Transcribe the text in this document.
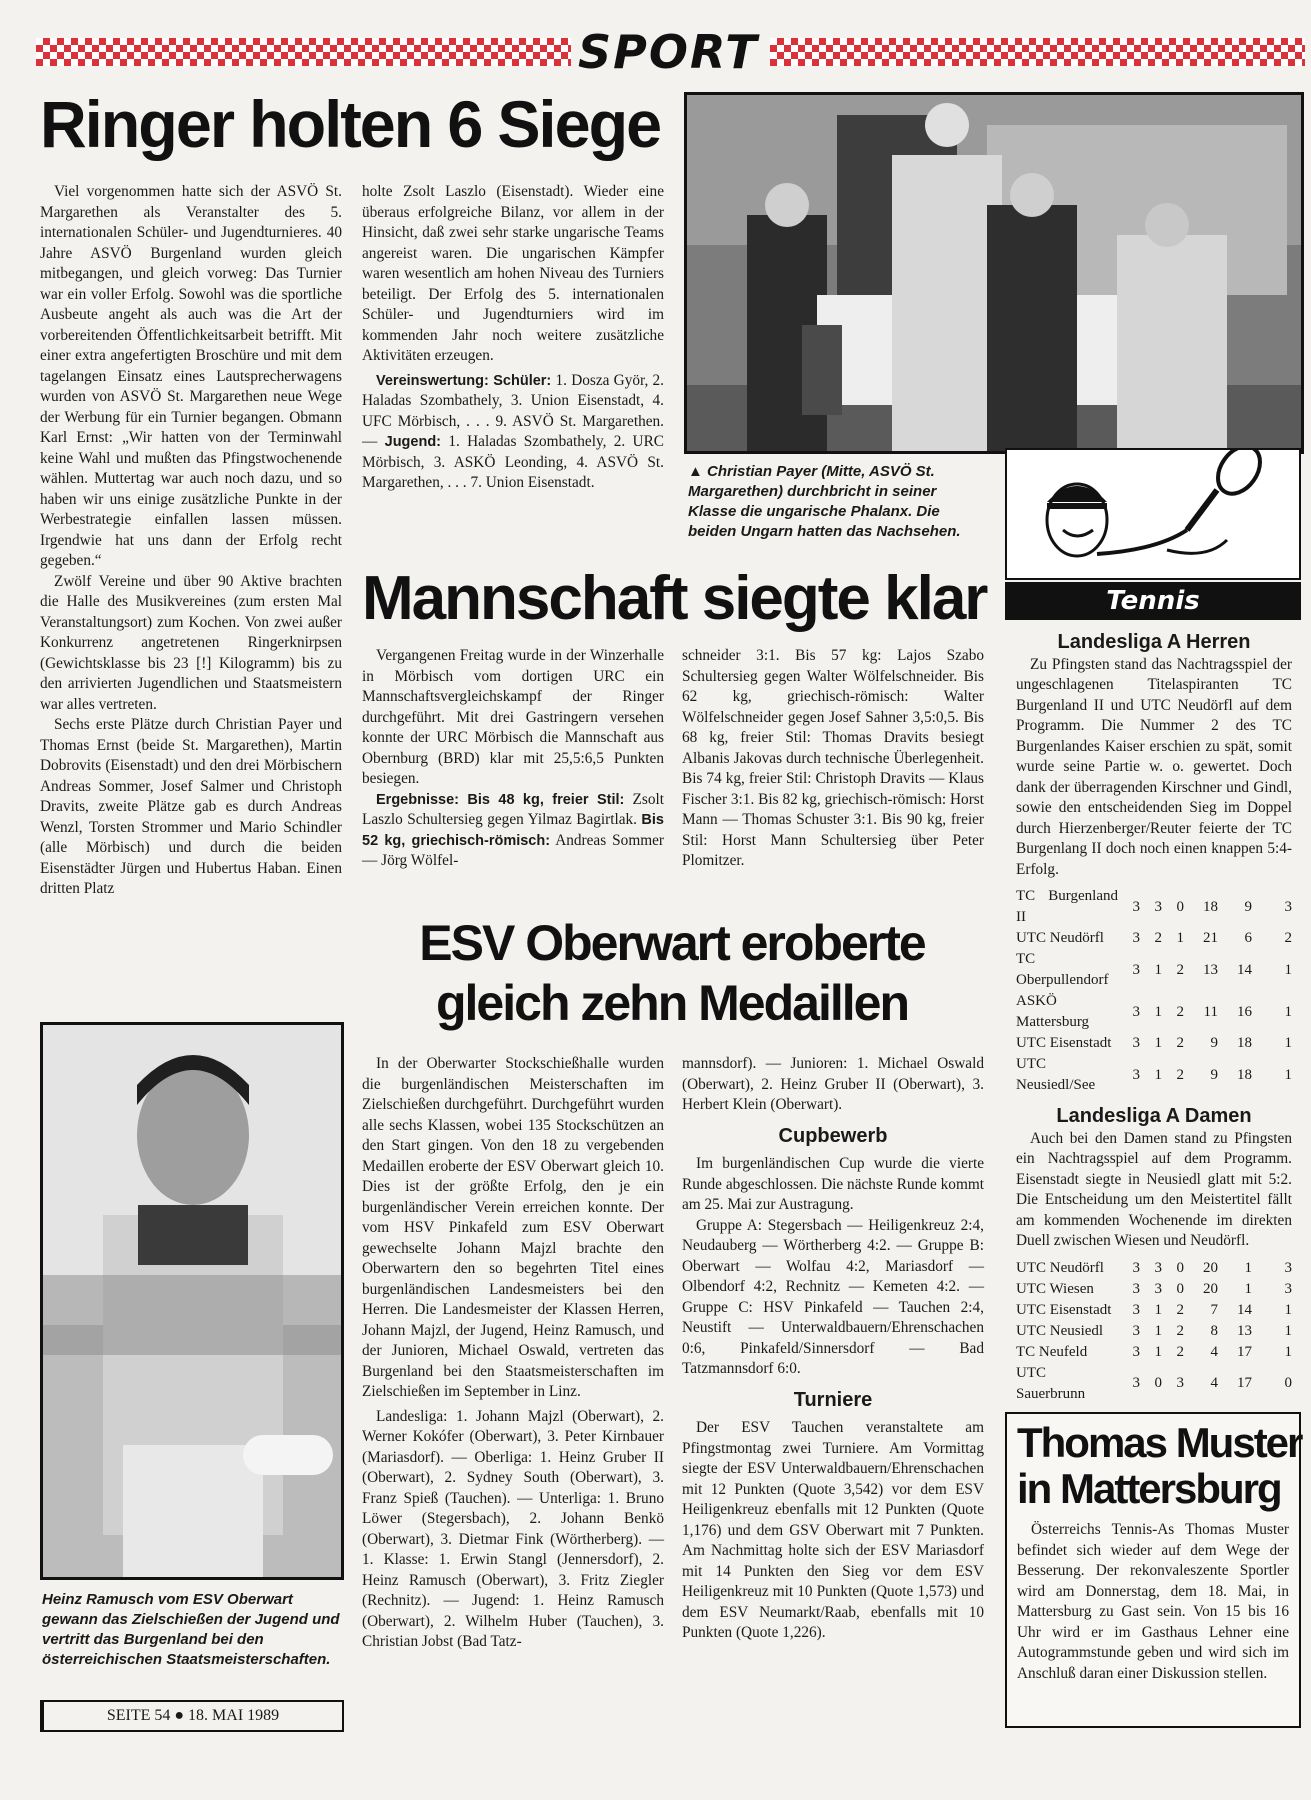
SPORT
Ringer holten 6 Siege

Viel vorgenommen hatte sich der ASVÖ St. Margarethen als Veranstalter des 5. internationalen Schüler- und Jugendturnieres. 40 Jahre ASVÖ Burgenland wurden gleich mitbegangen, und gleich vorweg: Das Turnier war ein voller Erfolg. Sowohl was die sportliche Ausbeute angeht als auch was die Art der vorbereitenden Öffentlichkeitsarbeit betrifft. Mit einer extra angefertigten Broschüre und mit dem tagelangen Einsatz eines Lautsprecherwagens wurden von ASVÖ St. Margarethen neue Wege der Werbung für ein Turnier begangen. Obmann Karl Ernst: „Wir hatten von der Terminwahl keine Wahl und mußten das Pfingstwochenende wählen. Muttertag war auch noch dazu, und so haben wir uns einige zusätzliche Punkte in der Werbestrategie einfallen lassen müssen. Irgendwie hat uns dann der Erfolg recht gegeben.“

Zwölf Vereine und über 90 Aktive brachten die Halle des Musikvereines (zum ersten Mal Veranstaltungsort) zum Kochen. Von zwei außer Konkurrenz angetretenen Ringerknirpsen (Gewichtsklasse bis 23 [!] Kilogramm) bis zu den arrivierten Jugendlichen und Staatsmeistern war alles vertreten.

Sechs erste Plätze durch Christian Payer und Thomas Ernst (beide St. Margarethen), Martin Dobrovits (Eisenstadt) und den drei Mörbischern Andreas Sommer, Josef Salmer und Christoph Dravits, zweite Plätze gab es durch Andreas Wenzl, Torsten Strommer und Mario Schindler (alle Mörbisch) und durch die beiden Eisenstädter Jürgen und Hubertus Haban. Einen dritten Platz

holte Zsolt Laszlo (Eisenstadt). Wieder eine überaus erfolgreiche Bilanz, vor allem in der Hinsicht, daß zwei sehr starke ungarische Teams angereist waren. Die ungarischen Kämpfer waren wesentlich am hohen Niveau des Turniers beteiligt. Der Erfolg des 5. internationalen Schüler- und Jugendturniers wird im kommenden Jahr noch weitere zusätzliche Aktivitäten erzeugen.

Vereinswertung: Schüler: 1. Dosza Györ, 2. Haladas Szombathely, 3. Union Eisenstadt, 4. UFC Mörbisch, . . . 9. ASVÖ St. Margarethen. — Jugend: 1. Haladas Szombathely, 2. URC Mörbisch, 3. ASKÖ Leonding, 4. ASVÖ St. Margarethen, . . . 7. Union Eisenstadt.

▲ Christian Payer (Mitte, ASVÖ St. Margarethen) durchbricht in seiner Klasse die ungarische Phalanx. Die beiden Ungarn hatten das Nachsehen.
Tennis
Landesliga A Herren

Zu Pfingsten stand das Nachtragsspiel der ungeschlagenen Titelaspiranten TC Burgenland II und UTC Neudörfl auf dem Programm. Die Nummer 2 des TC Burgenlandes Kaiser erschien zu spät, somit wurde seine Partie w. o. gewertet. Doch dank der überragenden Kirschner und Gindl, sowie den entscheidenden Sieg im Doppel durch Hierzenberger/Reuter feierte der TC Burgenlang II doch noch einen knappen 5:4-Erfolg.

TC Burgenland II	3	3	0	18	9	3
UTC Neudörfl	3	2	1	21	6	2
TC Oberpullendorf	3	1	2	13	14	1
ASKÖ Mattersburg	3	1	2	11	16	1
UTC Eisenstadt	3	1	2	9	18	1
UTC Neusiedl/See	3	1	2	9	18	1
Landesliga A Damen

Auch bei den Damen stand zu Pfingsten ein Nachtragsspiel auf dem Programm. Eisenstadt siegte in Neusiedl glatt mit 5:2. Die Entscheidung um den Meistertitel fällt am kommenden Wochenende im direkten Duell zwischen Wiesen und Neudörfl.

UTC Neudörfl	3	3	0	20	1	3
UTC Wiesen	3	3	0	20	1	3
UTC Eisenstadt	3	1	2	7	14	1
UTC Neusiedl	3	1	2	8	13	1
TC Neufeld	3	1	2	4	17	1
UTC Sauerbrunn	3	0	3	4	17	0
Mannschaft siegte klar

Vergangenen Freitag wurde in der Winzerhalle in Mörbisch vom dortigen URC ein Mannschaftsvergleichskampf der Ringer durchgeführt. Mit drei Gastringern versehen konnte der URC Mörbisch die Mannschaft aus Obernburg (BRD) klar mit 25,5:6,5 Punkten besiegen.

Ergebnisse: Bis 48 kg, freier Stil: Zsolt Laszlo Schultersieg gegen Yilmaz Bagirtlak. Bis 52 kg, griechisch-römisch: Andreas Sommer — Jörg Wölfel-

schneider 3:1. Bis 57 kg: Lajos Szabo Schultersieg gegen Walter Wölfelschneider. Bis 62 kg, griechisch-römisch: Walter Wölfelschneider gegen Josef Sahner 3,5:0,5. Bis 68 kg, freier Stil: Thomas Dravits besiegt Albanis Jakovas durch technische Überlegenheit. Bis 74 kg, freier Stil: Christoph Dravits — Klaus Fischer 3:1. Bis 82 kg, griechisch-römisch: Horst Mann — Thomas Schuster 3:1. Bis 90 kg, freier Stil: Horst Mann Schultersieg über Peter Plomitzer.

Heinz Ramusch vom ESV Oberwart gewann das Zielschießen der Jugend und vertritt das Burgenland bei den österreichischen Staatsmeisterschaften.
SEITE 54 ● 18. MAI 1989
ESV Oberwart eroberte
gleich zehn Medaillen

In der Oberwarter Stockschießhalle wurden die burgenländischen Meisterschaften im Zielschießen durchgeführt. Durchgeführt wurden alle sechs Klassen, wobei 135 Stockschützen an den Start gingen. Von den 18 zu vergebenden Medaillen eroberte der ESV Oberwart gleich 10. Dies ist der größte Erfolg, den je ein burgenländischer Verein erreichen konnte. Der vom HSV Pinkafeld zum ESV Oberwart gewechselte Johann Majzl brachte den Oberwartern den so begehrten Titel eines burgenländischen Landesmeisters bei den Herren. Die Landesmeister der Klassen Herren, Johann Majzl, der Jugend, Heinz Ramusch, und der Junioren, Michael Oswald, vertreten das Burgenland bei den Staatsmeisterschaften im Zielschießen im September in Linz.

Landesliga: 1. Johann Majzl (Oberwart), 2. Werner Kokófer (Oberwart), 3. Peter Kirnbauer (Mariasdorf). — Oberliga: 1. Heinz Gruber II (Oberwart), 2. Sydney South (Oberwart), 3. Franz Spieß (Tauchen). — Unterliga: 1. Bruno Löwer (Stegersbach), 2. Johann Benkö (Oberwart), 3. Dietmar Fink (Wörtherberg). — 1. Klasse: 1. Erwin Stangl (Jennersdorf), 2. Heinz Ramusch (Oberwart), 3. Fritz Ziegler (Rechnitz). — Jugend: 1. Heinz Ramusch (Oberwart), 2. Wilhelm Huber (Tauchen), 3. Christian Jobst (Bad Tatz-

mannsdorf). — Junioren: 1. Michael Oswald (Oberwart), 2. Heinz Gruber II (Oberwart), 3. Herbert Klein (Oberwart).

Cupbewerb

Im burgenländischen Cup wurde die vierte Runde abgeschlossen. Die nächste Runde kommt am 25. Mai zur Austragung.

Gruppe A: Stegersbach — Heiligenkreuz 2:4, Neudauberg — Wörtherberg 4:2. — Gruppe B: Oberwart — Wolfau 4:2, Mariasdorf — Olbendorf 4:2, Rechnitz — Kemeten 4:2. — Gruppe C: HSV Pinkafeld — Tauchen 2:4, Neustift — Unterwaldbauern/Ehrenschachen 0:6, Pinkafeld/Sinnersdorf — Bad Tatzmannsdorf 6:0.

Turniere

Der ESV Tauchen veranstaltete am Pfingstmontag zwei Turniere. Am Vormittag siegte der ESV Unterwaldbauern/Ehrenschachen mit 12 Punkten (Quote 3,542) vor dem ESV Heiligenkreuz ebenfalls mit 12 Punkten (Quote 1,176) und dem GSV Oberwart mit 7 Punkten. Am Nachmittag holte sich der ESV Mariasdorf mit 14 Punkten den Sieg vor dem ESV Heiligenkreuz mit 10 Punkten (Quote 1,573) und dem ESV Neumarkt/Raab, ebenfalls mit 10 Punkten (Quote 1,226).

Thomas Muster
in Mattersburg
Österreichs Tennis-As Thomas Muster befindet sich wieder auf dem Wege der Besserung. Der rekonvaleszente Sportler wird am Donnerstag, dem 18. Mai, in Mattersburg zu Gast sein. Von 15 bis 16 Uhr wird er im Gasthaus Lehner eine Autogrammstunde geben und wird sich im Anschluß daran einer Diskussion stellen.
